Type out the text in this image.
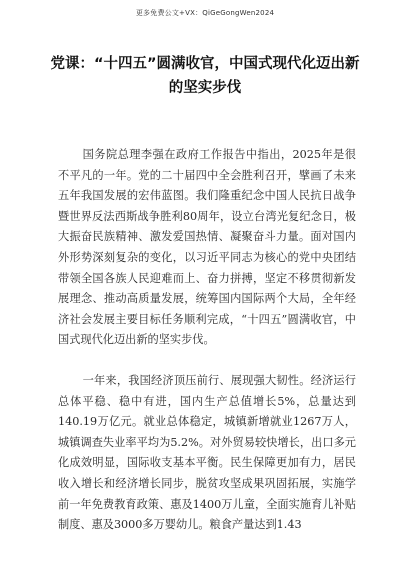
更多免费公文+VX：QiGeGongWen2024
党课：“十四五”圆满收官，中国式现代化迈出新的坚实步伐

国务院总理李强在政府工作报告中指出，2025年是很不平凡的一年。党的二十届四中全会胜利召开，擘画了未来五年我国发展的宏伟蓝图。我们隆重纪念中国人民抗日战争暨世界反法西斯战争胜利80周年，设立台湾光复纪念日，极大振奋民族精神、激发爱国热情、凝聚奋斗力量。面对国内外形势深刻复杂的变化，以习近平同志为核心的党中央团结带领全国各族人民迎难而上、奋力拼搏，坚定不移贯彻新发展理念、推动高质量发展，统筹国内国际两个大局，全年经济社会发展主要目标任务顺利完成，“十四五”圆满收官，中国式现代化迈出新的坚实步伐。

一年来，我国经济顶压前行、展现强大韧性。经济运行总体平稳、稳中有进，国内生产总值增长5%，总量达到140.19万亿元。就业总体稳定，城镇新增就业1267万人，城镇调查失业率平均为5.2%。对外贸易较快增长，出口多元化成效明显，国际收支基本平衡。民生保障更加有力，居民收入增长和经济增长同步，脱贫攻坚成果巩固拓展，实施学前一年免费教育政策、惠及1400万儿童，全面实施育儿补贴制度、惠及3000多万婴幼儿。粮食产量达到1.43
